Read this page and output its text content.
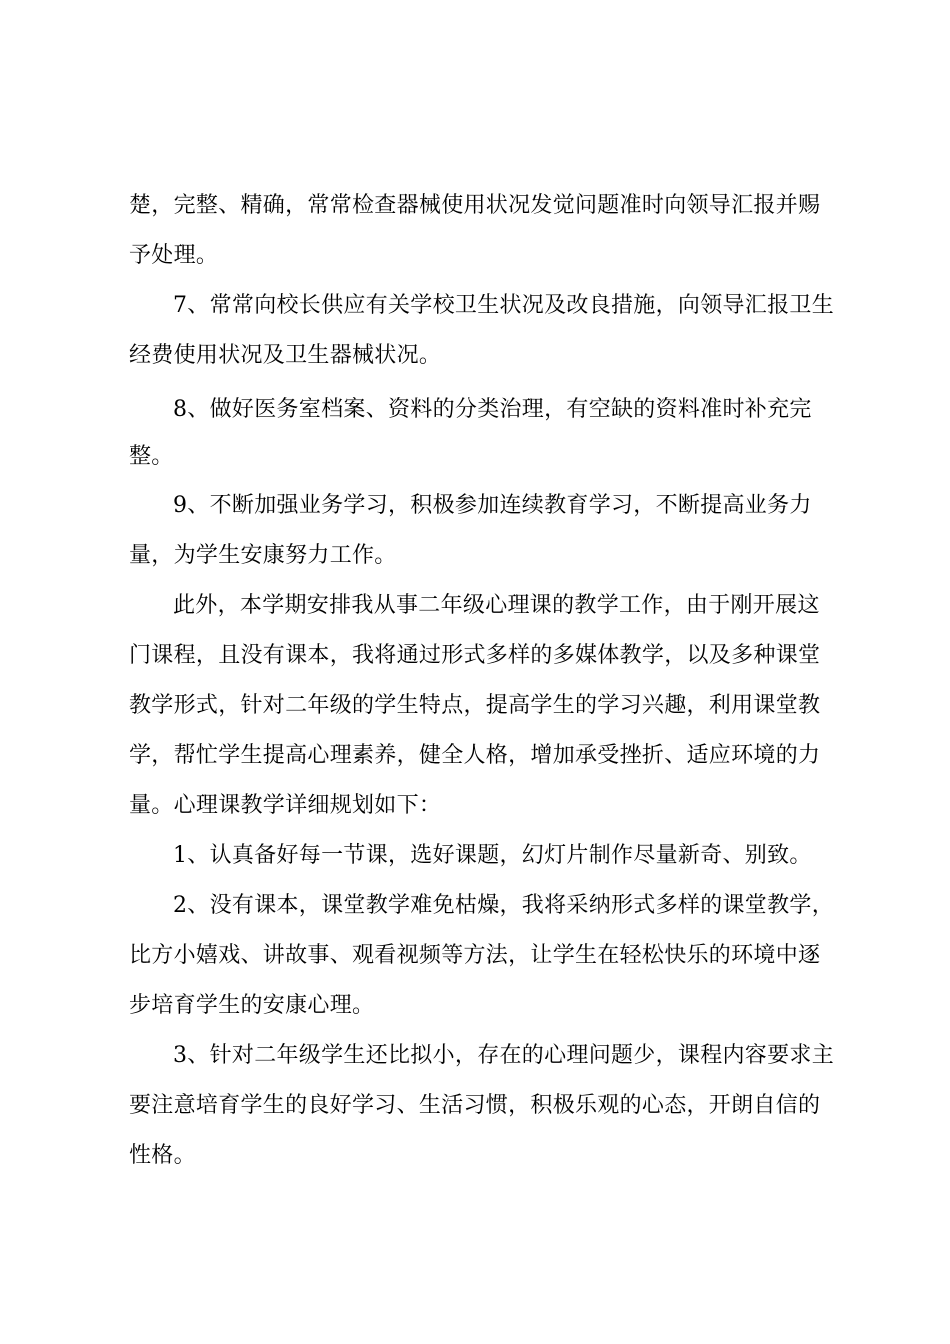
楚，完整、精确，常常检查器械使用状况发觉问题准时向领导汇报并赐
予处理。
7、常常向校长供应有关学校卫生状况及改良措施，向领导汇报卫生
经费使用状况及卫生器械状况。
8、做好医务室档案、资料的分类治理，有空缺的资料准时补充完
整。
9、不断加强业务学习，积极参加连续教育学习，不断提高业务力
量，为学生安康努力工作。
此外，本学期安排我从事二年级心理课的教学工作，由于刚开展这
门课程，且没有课本，我将通过形式多样的多媒体教学，以及多种课堂
教学形式，针对二年级的学生特点，提高学生的学习兴趣，利用课堂教
学，帮忙学生提高心理素养，健全人格，增加承受挫折、适应环境的力
量。心理课教学详细规划如下：
1、认真备好每一节课，选好课题，幻灯片制作尽量新奇、别致。
2、没有课本，课堂教学难免枯燥，我将采纳形式多样的课堂教学，
比方小嬉戏、讲故事、观看视频等方法，让学生在轻松快乐的环境中逐
步培育学生的安康心理。
3、针对二年级学生还比拟小，存在的心理问题少，课程内容要求主
要注意培育学生的良好学习、生活习惯，积极乐观的心态，开朗自信的
性格。
